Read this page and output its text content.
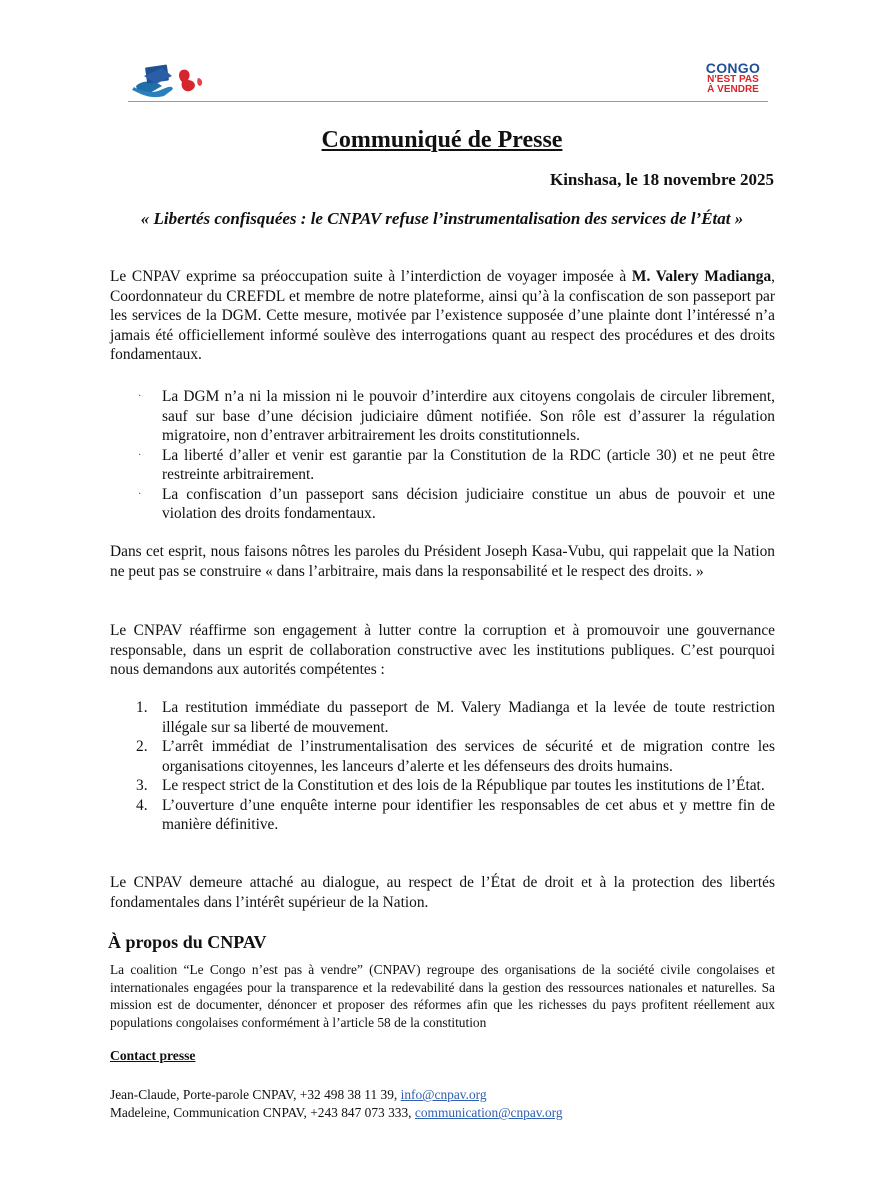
CONGO
N'EST PAS
À VENDRE
Communiqué de Presse
Kinshasa, le 18 novembre 2025
« Libertés confisquées : le CNPAV refuse l’instrumentalisation des services de l’État »

Le CNPAV exprime sa préoccupation suite à l’interdiction de voyager imposée à M. Valery Madianga, Coordonnateur du CREFDL et membre de notre plateforme, ainsi qu’à la confiscation de son passeport par les services de la DGM. Cette mesure, motivée par l’existence supposée d’une plainte dont l’intéressé n’a jamais été officiellement informé soulève des interrogations quant au respect des procédures et des droits fondamentaux.

· La DGM n’a ni la mission ni le pouvoir d’interdire aux citoyens congolais de circuler librement, sauf sur base d’une décision judiciaire dûment notifiée. Son rôle est d’assurer la régulation migratoire, non d’entraver arbitrairement les droits constitutionnels.
· La liberté d’aller et venir est garantie par la Constitution de la RDC (article 30) et ne peut être restreinte arbitrairement.
· La confiscation d’un passeport sans décision judiciaire constitue un abus de pouvoir et une violation des droits fondamentaux.

Dans cet esprit, nous faisons nôtres les paroles du Président Joseph Kasa-Vubu, qui rappelait que la Nation ne peut pas se construire « dans l’arbitraire, mais dans la responsabilité et le respect des droits. »

Le CNPAV réaffirme son engagement à lutter contre la corruption et à promouvoir une gouvernance responsable, dans un esprit de collaboration constructive avec les institutions publiques. C’est pourquoi nous demandons aux autorités compétentes :

1. La restitution immédiate du passeport de M. Valery Madianga et la levée de toute restriction illégale sur sa liberté de mouvement.
2. L’arrêt immédiat de l’instrumentalisation des services de sécurité et de migration contre les organisations citoyennes, les lanceurs d’alerte et les défenseurs des droits humains.
3. Le respect strict de la Constitution et des lois de la République par toutes les institutions de l’État.
4. L’ouverture d’une enquête interne pour identifier les responsables de cet abus et y mettre fin de manière définitive.

Le CNPAV demeure attaché au dialogue, au respect de l’État de droit et à la protection des libertés fondamentales dans l’intérêt supérieur de la Nation.

À propos du CNPAV

La coalition “Le Congo n’est pas à vendre” (CNPAV) regroupe des organisations de la société civile congolaises et internationales engagées pour la transparence et la redevabilité dans la gestion des ressources nationales et naturelles. Sa mission est de documenter, dénoncer et proposer des réformes afin que les richesses du pays profitent réellement aux populations congolaises conformément à l’article 58 de la constitution

Contact presse

Jean-Claude, Porte-parole CNPAV, +32 498 38 11 39, info@cnpav.org

Madeleine, Communication CNPAV, +243 847 073 333, communication@cnpav.org
